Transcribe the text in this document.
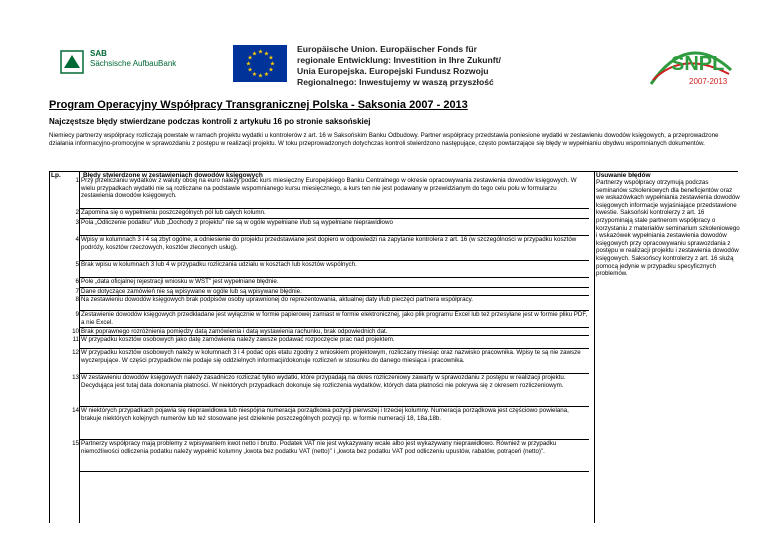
SAB
Sächsische AufbauBank	★
★
★
★
★
★
★
★
★ ★ ★
★
Europäische Union. Europäischer Fonds für
regionale Entwicklung: Investition in Ihre Zukunft/
Unia Europejska. Europejski Fundusz Rozwoju
Regionalnego: Inwestujemy w waszą przyszłość
SNPL
2007-2013
Program Operacyjny Współpracy Transgranicznej Polska - Saksonia 2007 - 2013
Najczęstsze błędy stwierdzane podczas kontroli z artykułu 16 po stronie saksońskiej
Niemiecy partnerzy współpracy rozliczają powstałe w ramach projektu wydatki u kontrolerów z art. 16 w Saksońskim Banku Odbudowy. Partner współpracy przedstawia poniesione wydatki w zestawieniu dowodów księgowych, a przeprowadzone działania informacyjno-promocyjne w sprawozdaniu z postępu w realizacji projektu. W toku przeprowadzonych dotychczas kontroli stwierdzono następujące, często powtarzające się błędy w wypełnianiu obydwu wspomnianych dokumentów.
Lp.	Błędy stwierdzone w zestawieniach dowodów księgowych	Usuwanie błędów
1 Przy przeliczaniu wydatków z waluty obcej na euro należy podać kurs miesięczny Europejskiego Banku Centralnego w okresie opracowywania zestawienia dowodów księgowych. W wielu przypadkach wydatki nie są rozliczane na podstawie wspomnianego kursu miesięcznego, a kurs ten nie jest podawany w przewidzianym do tego celu polu w formularzu zestawienia dowodów księgowych.
2 Zapomina się o wypełnieniu poszczególnych pól lub całych kolumn.
3 Pola „Odliczenie podatku" i/lub „Dochody z projektu" nie są w ogóle wypełniane i/lub są wypełniane nieprawidłowo
4 Wpisy w kolumnach 3 i 4 są zbyt ogólne, a odniesienie do projektu przedstawiane jest dopiero w odpowiedzi na zapytanie kontrolera z art. 16 (w szczególności w przypadku kosztów podróży, kosztów rzeczowych, kosztów zleconych usług).
5 Brak wpisu w kolumnach 3 lub 4 w przypadku rozliczania udziału w kosztach lub kosztów wspólnych.
6 Pole „data oficjalnej rejestracji wniosku w WST" jest wypełniane błędnie.
7 Dane dotyczące zamówień nie są wpisywane w ogóle lub są wpisywane błędnie.
8 Na zestawieniu dowodów księgowych brak podpisów osoby uprawnionej do reprezentowania, aktualnej daty i/lub pieczęci partnera współpracy.
9 Zestawienie dowodów księgowych przedkładane jest wyłącznie w formie papierowej zamiast w formie elektronicznej, jako plik programu Excel lub też przesyłane jest w formie pliku PDF, a nie Excel.
10 Brak poprawnego rozróżnienia pomiędzy datą zamówienia i datą wystawienia rachunku, brak odpowiednich dat.
11 W przypadku kosztów osobowych jako datę zamówienia należy zawsze podawać rozpoczęcie prac nad projektem.
12 W przypadku kosztów osobowych należy w kolumnach 3 i 4 podać opis etatu zgodny z wnioskiem projektowym, rozliczany miesiąc oraz nazwisko pracownika. Wpisy te są nie zawsze wyczerpujące. W części przypadków nie podaje się oddzielnych informacji/dokonuje rozliczeń w stosunku do danego miesiąca i pracownika.
13 W zestawieniu dowodów księgowych należy zasadniczo rozliczać tylko wydatki, które przypadają na okres rozliczeniowy zawarty w sprawozdaniu z postępu w realizacji projektu. Decydująca jest tutaj data dokonania płatności. W niektórych przypadkach dokonuje się rozliczenia wydatków, których data płatności nie pokrywa się z okresem rozliczeniowym.
14 W niektórych przypadkach pojawia się nieprawidłowa lub niespójna numeracja porządkowa pozycji pierwszej i trzeciej kolumny. Numeracja porządkowa jest częściowo powielana, brakuje niektórych kolejnych numerów lub też stosowane jest dzielenie poszczególnych pozycji np. w formie numeracji 18, 18a,18b.
15 Partnerzy współpracy mają problemy z wpisywaniem kwot netto i brutto. Podatek VAT nie jest wykazywany wcale albo jest wykazywany nieprawidłowo. Również w przypadku niemożliwości odliczenia podatku należy wypełnić kolumny „kwota bez podatku VAT (netto)" i „kwota bez podatku VAT pod odliczeniu upustów, rabatów, potrąceń (netto)".
Partnerzy współpracy otrzymują podczas seminariów szkoleniowych dla beneficjentów oraz we wskazówkach wypełniania zestawienia dowodów księgowych informacje wyjaśniające przedstawione kwestie. Saksoński kontrolerzy z art. 16 przypominają stale partnerom współpracy o korzystaniu z materiałów seminarium szkoleniowego i wskazówek wypełniania zestawienia dowodów księgowych przy opracowywaniu sprawozdania z postępu w realizacji projektu i zestawienia dowodów księgowych. Saksońscy kontrolerzy z art. 16 służą pomocą jedynie w przypadku specyficznych problemów.
